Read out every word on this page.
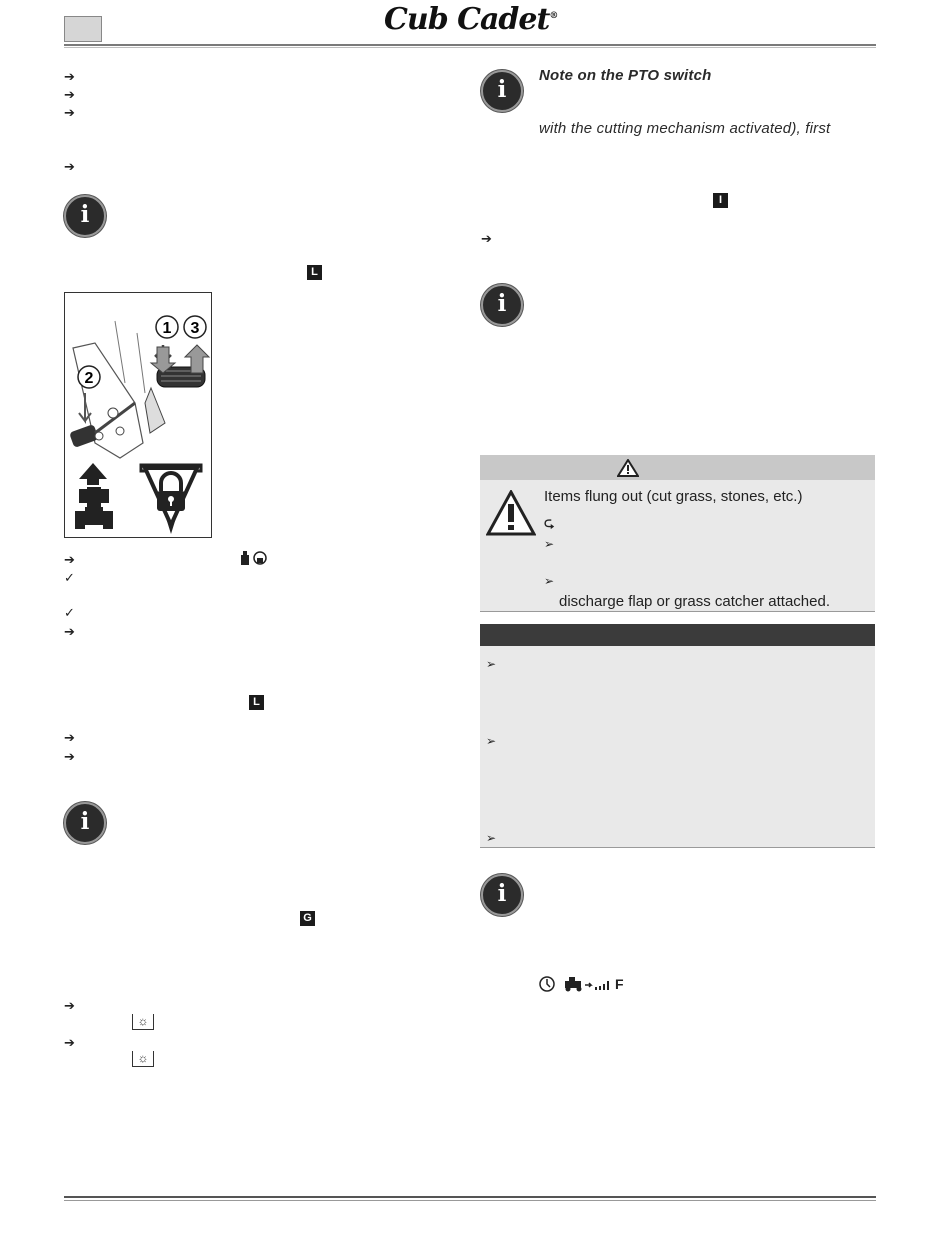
Cub Cadet®
➔
➔
➔
➔
i
L
1 3
2
➔
✓
✓
➔
L
➔
➔
i
G
➔
☼
➔
☼
i
Note on the PTO switch
with the cutting mechanism activated), first
I
➔
i
Items flung out (cut grass, stones, etc.)
⮎
➢
➢
discharge flap or grass catcher attached.
➢
➢
➢
i
F
